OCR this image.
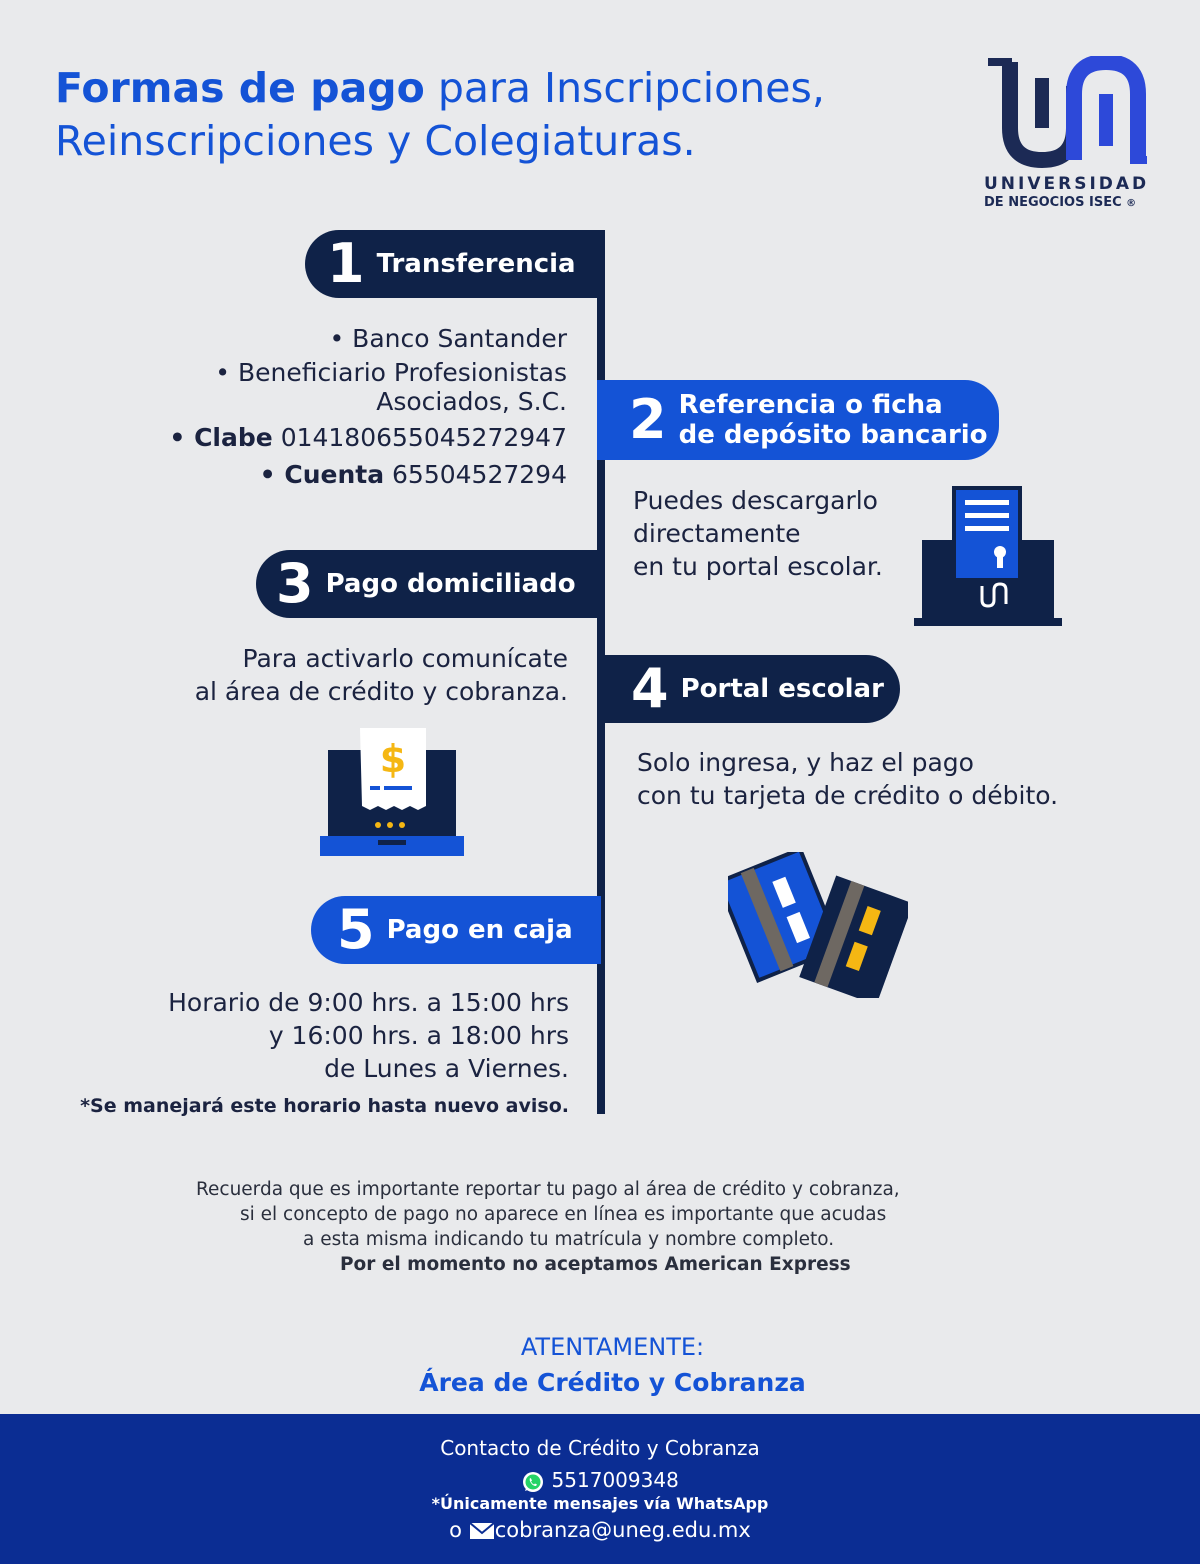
Formas de pago para Inscripciones,
Reinscripciones y Colegiaturas.
UNIVERSIDAD
DE NEGOCIOS ISEC ®
1 Transferencia
• Banco Santander
• Beneficiario Profesionistas
Asociados, S.C.
• Clabe 014180655045272947
• Cuenta 65504527294
2 Referencia o ficha
de depósito bancario
Puedes descargarlo
directamente
en tu portal escolar.
3 Pago domiciliado
Para activarlo comunícate
al área de crédito y cobranza.
$
4 Portal escolar
Solo ingresa, y haz el pago
con tu tarjeta de crédito o débito.
5 Pago en caja
Horario de 9:00 hrs. a 15:00 hrs
y 16:00 hrs. a 18:00 hrs
de Lunes a Viernes.
*Se manejará este horario hasta nuevo aviso.
Recuerda que es importante reportar tu pago al área de crédito y cobranza,
si el concepto de pago no aparece en línea es importante que acudas
a esta misma indicando tu matrícula y nombre completo.
Por el momento no aceptamos American Express
ATENTAMENTE:
Área de Crédito y Cobranza
Contacto de Crédito y Cobranza
5517009348
*Únicamente mensajes vía WhatsApp
o cobranza@uneg.edu.mx
